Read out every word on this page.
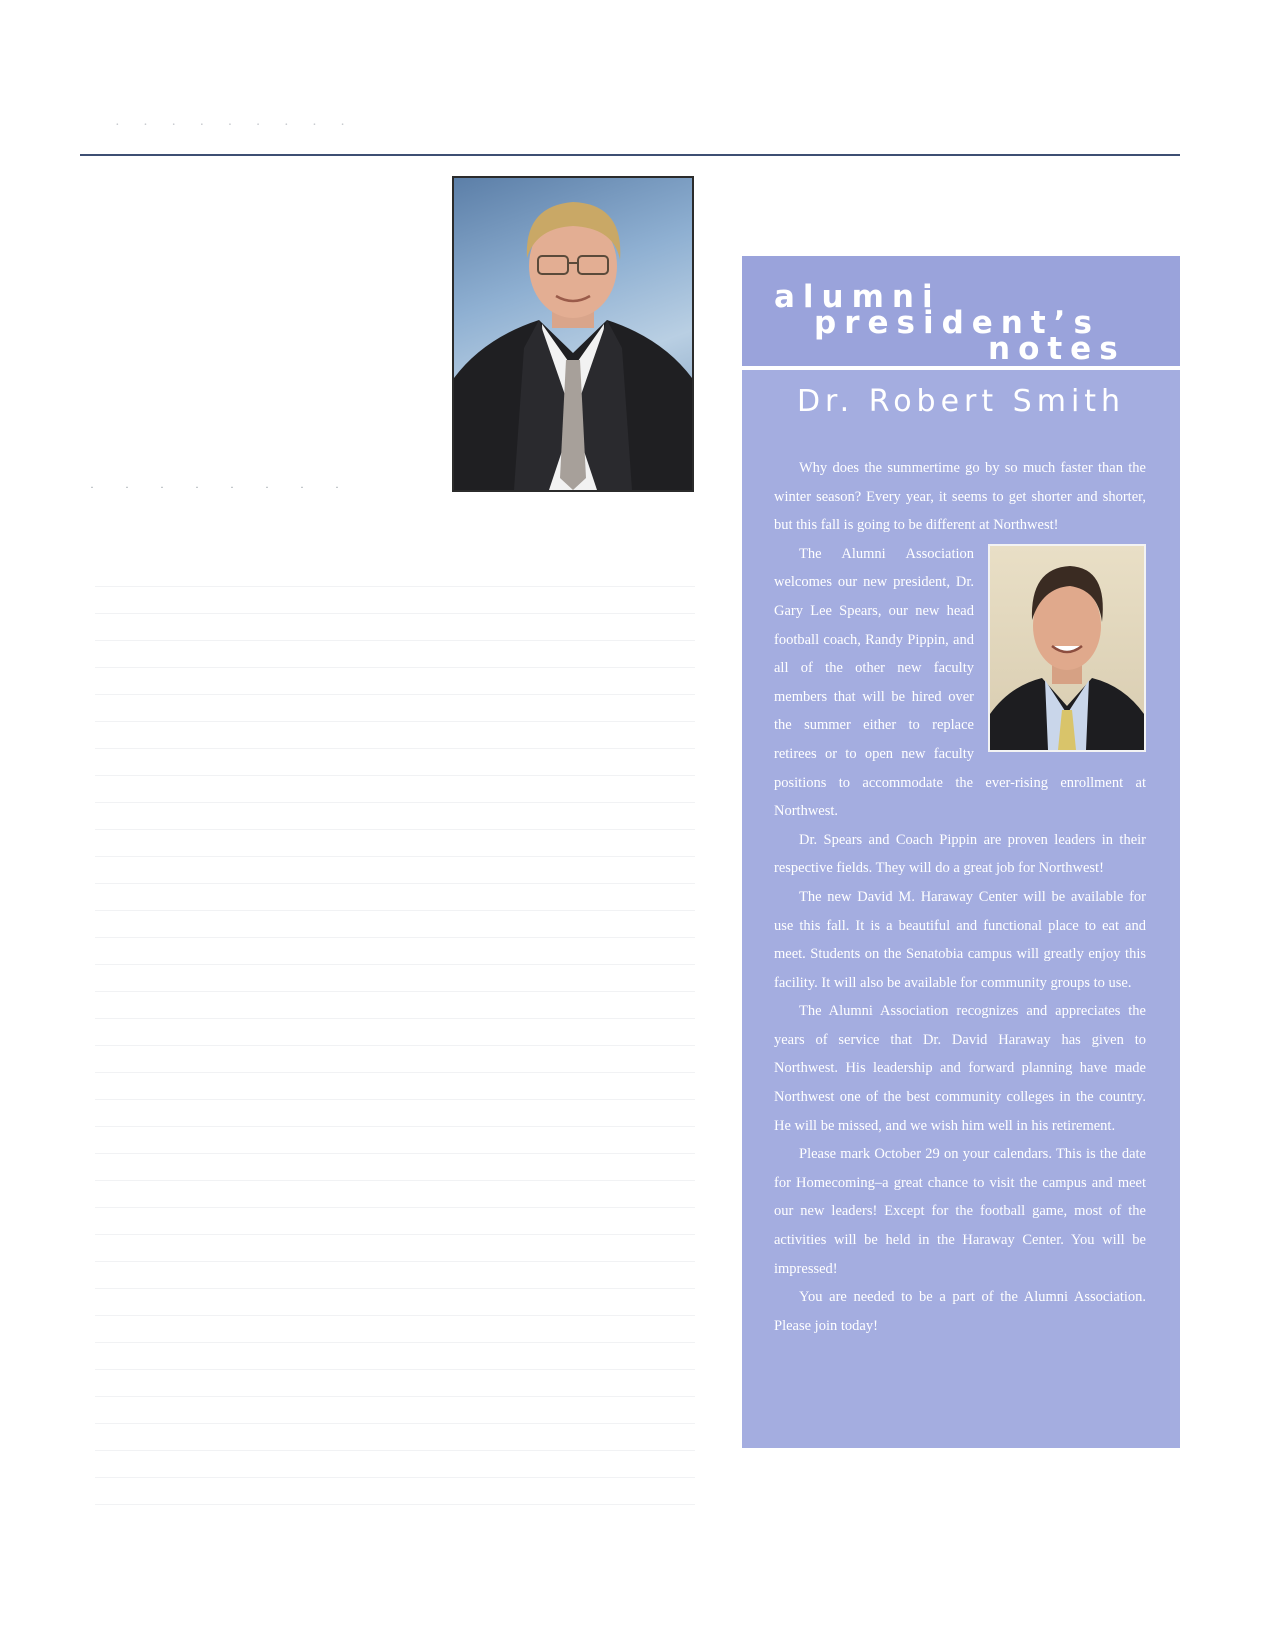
· · · · · · · · ·
· · · · · · · ·
alumni
president’s
notes
Dr. Robert Smith

Why does the summertime go by so much faster than the winter season? Every year, it seems to get shorter and shorter, but this fall is going to be different at Northwest!

The Alumni Association welcomes our new president, Dr. Gary Lee Spears, our new head football coach, Randy Pippin, and all of the other new faculty members that will be hired over the summer either to replace retirees or to open new faculty positions to accommodate the ever-rising enrollment at Northwest.

Dr. Spears and Coach Pippin are proven leaders in their respective fields. They will do a great job for Northwest!

The new David M. Haraway Center will be available for use this fall. It is a beautiful and functional place to eat and meet. Students on the Senatobia campus will greatly enjoy this facility. It will also be available for community groups to use.

The Alumni Association recognizes and appreciates the years of service that Dr. David Haraway has given to Northwest. His leadership and forward planning have made Northwest one of the best community colleges in the country. He will be missed, and we wish him well in his retirement.

Please mark October 29 on your calendars. This is the date for Homecoming–a great chance to visit the campus and meet our new leaders! Except for the football game, most of the activities will be held in the Haraway Center. You will be impressed!

You are needed to be a part of the Alumni Association. Please join today!
